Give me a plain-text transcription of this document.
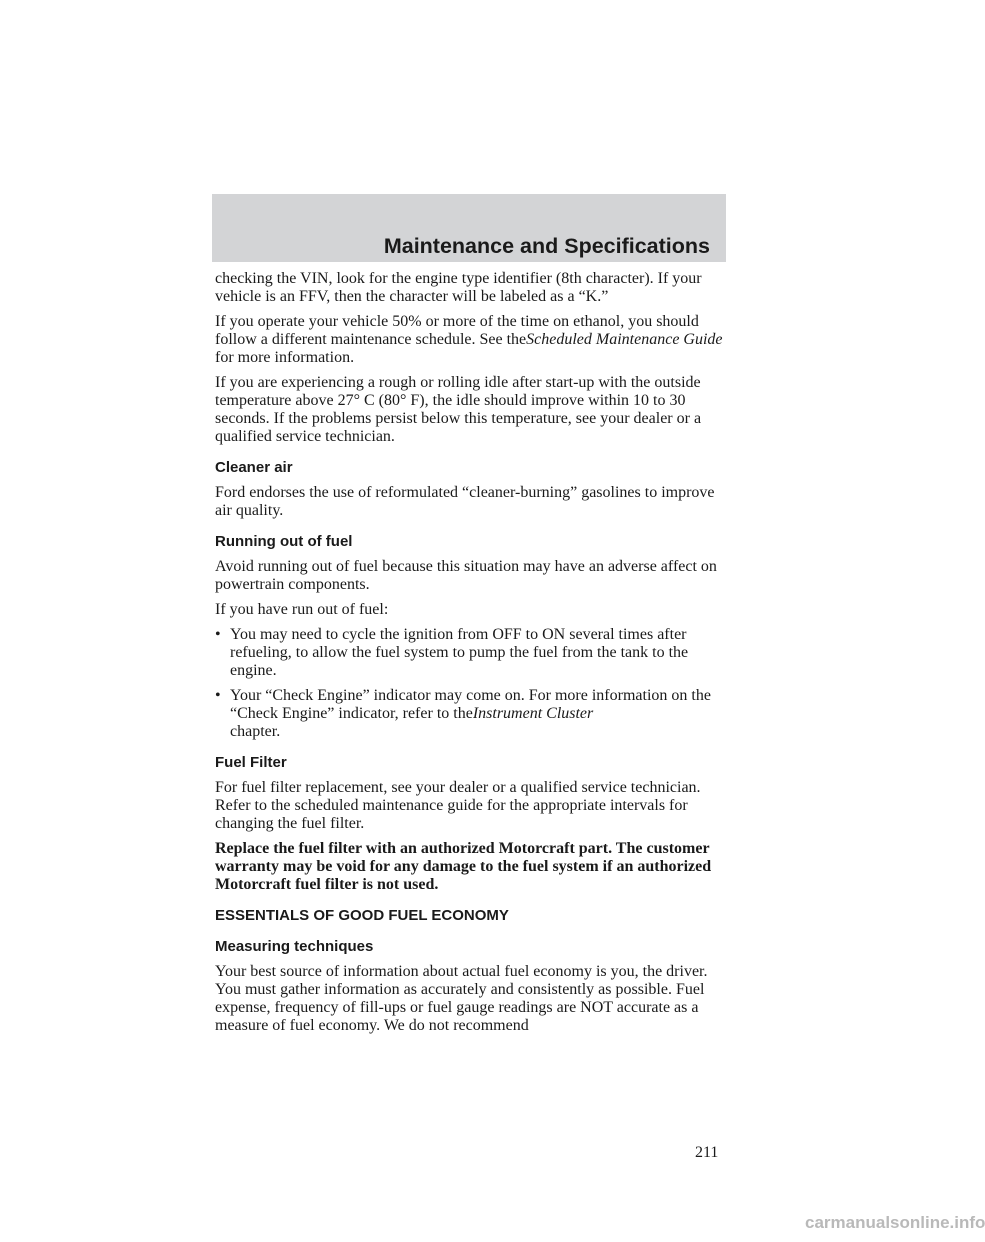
Maintenance and Specifications

checking the VIN, look for the engine type identifier (8th character). If your vehicle is an FFV, then the character will be labeled as a “K.”

If you operate your vehicle 50% or more of the time on ethanol, you should follow a different maintenance schedule. See theScheduled Maintenance Guide for more information.

If you are experiencing a rough or rolling idle after start-up with the outside temperature above 27° C (80° F), the idle should improve within 10 to 30 seconds. If the problems persist below this temperature, see your dealer or a qualified service technician.

Cleaner air

Ford endorses the use of reformulated “cleaner-burning” gasolines to improve air quality.

Running out of fuel

Avoid running out of fuel because this situation may have an adverse affect on powertrain components.

If you have run out of fuel:

• You may need to cycle the ignition from OFF to ON several times after refueling, to allow the fuel system to pump the fuel from the tank to the engine.
• Your “Check Engine” indicator may come on. For more information on the “Check Engine” indicator, refer to theInstrument Cluster
chapter.
Fuel Filter

For fuel filter replacement, see your dealer or a qualified service technician. Refer to the scheduled maintenance guide for the appropriate intervals for changing the fuel filter.

Replace the fuel filter with an authorized Motorcraft part. The customer warranty may be void for any damage to the fuel system if an authorized Motorcraft fuel filter is not used.

ESSENTIALS OF GOOD FUEL ECONOMY
Measuring techniques

Your best source of information about actual fuel economy is you, the driver. You must gather information as accurately and consistently as possible. Fuel expense, frequency of fill-ups or fuel gauge readings are NOT accurate as a measure of fuel economy. We do not recommend

211
carmanualsonline.info
